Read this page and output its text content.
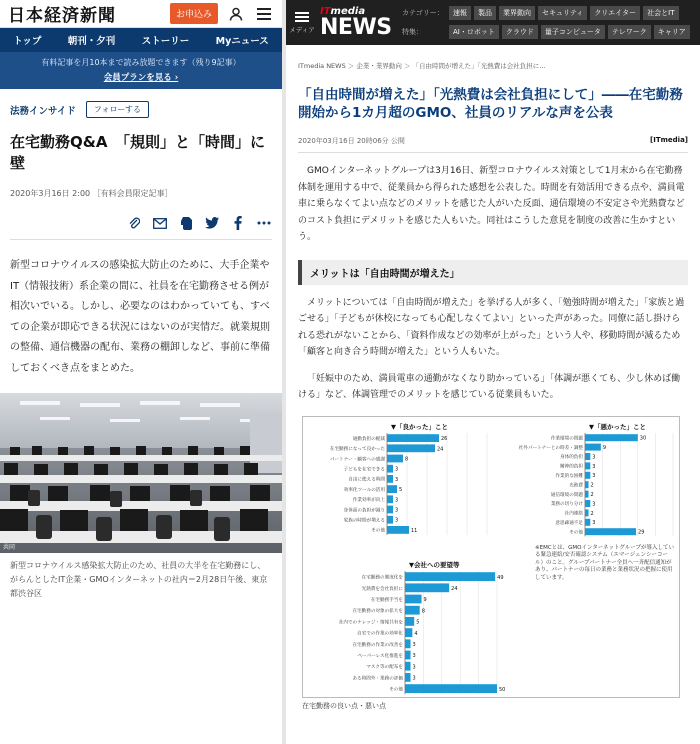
日本経済新聞	お申込み
トップ	朝刊・夕刊	ストーリー	Myニュース
有料記事を月10本まで読み放題できます（残り9記事）
会員プランを見る ›
法務インサイド	フォローする
在宅勤務Q&A　「規則」と「時間」に壁
2020年3月16日 2:00 ［有料会員限定記事］

新型コロナウイルスの感染拡大防止のために、大手企業やIT（情報技術）系企業の間に、社員を在宅勤務させる例が相次いでいる。しかし、必要なのはわかっていても、すべての企業が即応できる状況にはないのが実情だ。就業規則の整備、通信機器の配布、業務の棚卸しなど、事前に準備しておくべき点をまとめた。

共同

新型コロナウイルス感染拡大防止のため、社員の大半を在宅勤務にし、がらんとしたIT企業・GMOインターネットの社内＝2月28日午後、東京都渋谷区

メディア
ITmedia
NEWS
カテゴリー：	速報	製品	業界動向	セキュリティ	クリエイター	社会とIT
特集：	AI・ロボット	クラウド	量子コンピュータ	テレワーク	キャリア
ITmedia NEWS ＞ 企業・業界動向 ＞ 「自由時間が増えた」「光熱費は会社負担に…
「自由時間が増えた」「光熱費は会社負担にして」――在宅勤務開始から1カ月超のGMO、社員のリアルな声を公表
2020年03月16日 20時06分 公開	[ITmedia]

GMOインターネットグループは3月16日、新型コロナウイルス対策として1月末から在宅勤務体制を運用する中で、従業員から得られた感想を公表した。時間を有効活用できる点や、満員電車に乗らなくてよい点などのメリットを感じた人がいた反面、通信環境の不安定さや光熱費などのコスト負担にデメリットを感じた人もいた。同社はこうした意見を制度の改善に生かすという。

メリットは「自由時間が増えた」

メリットについては「自由時間が増えた」を挙げる人が多く、「勉強時間が増えた」「家族と過ごせる」「子どもが休校になっても心配しなくてよい」といった声があった。同僚に話し掛けられる恐れがないことから、「資料作成などの効率が上がった」という人や、移動時間が減るため「顧客と向き合う時間が増えた」という人もいた。

「妊娠中のため、満員電車の通勤がなくなり助かっている」「体調が悪くても、少し休めば働ける」など、体調管理でのメリットを感じている従業員もいた。

▼「良かった」こと
通勤負担の軽減	26
在宅勤務になって良かった	24
パートナー・顧客への感謝	8
子どもを在宅できる 3
自由に使える時間 3
効率化ツールの活用	5
作業効率が向上 3
身体面の負担が減り 3
家族の時間が増える 3
その他	11
▼「悪かった」こと
作業環境の問題	30
社外パートナーとの時差・調整	9
身体的負担 3
精神的負担 3
作業的な困難 3
光熱費 2
通信環境の問題 2
業務の切り分け 3
社内連絡 2
意思疎通不足 3
その他	29
▼会社への要望等
在宅勤務の制度化を	49
光熱費を会社負担に	24
在宅勤務手当を	9
在宅勤務の対象の拡大を	8
社内でのナレッジ・情報共有を	5
自宅での作業の効率化 4
在宅勤務の作業の改善を 3
ペーパーレス化推進を 3
マスク等の配布を 3
ある時間外・業務の評価 3
その他	50
※EMCとは、GMOインターネットグループが導入している緊急連絡/安否確認システム（エマージェンシーコール）のこと。グループパートナー全員へ一斉配信通知があり、パートナーの毎日の業務と業務状況の把握に使用しています。
在宅勤務の良い点・悪い点
